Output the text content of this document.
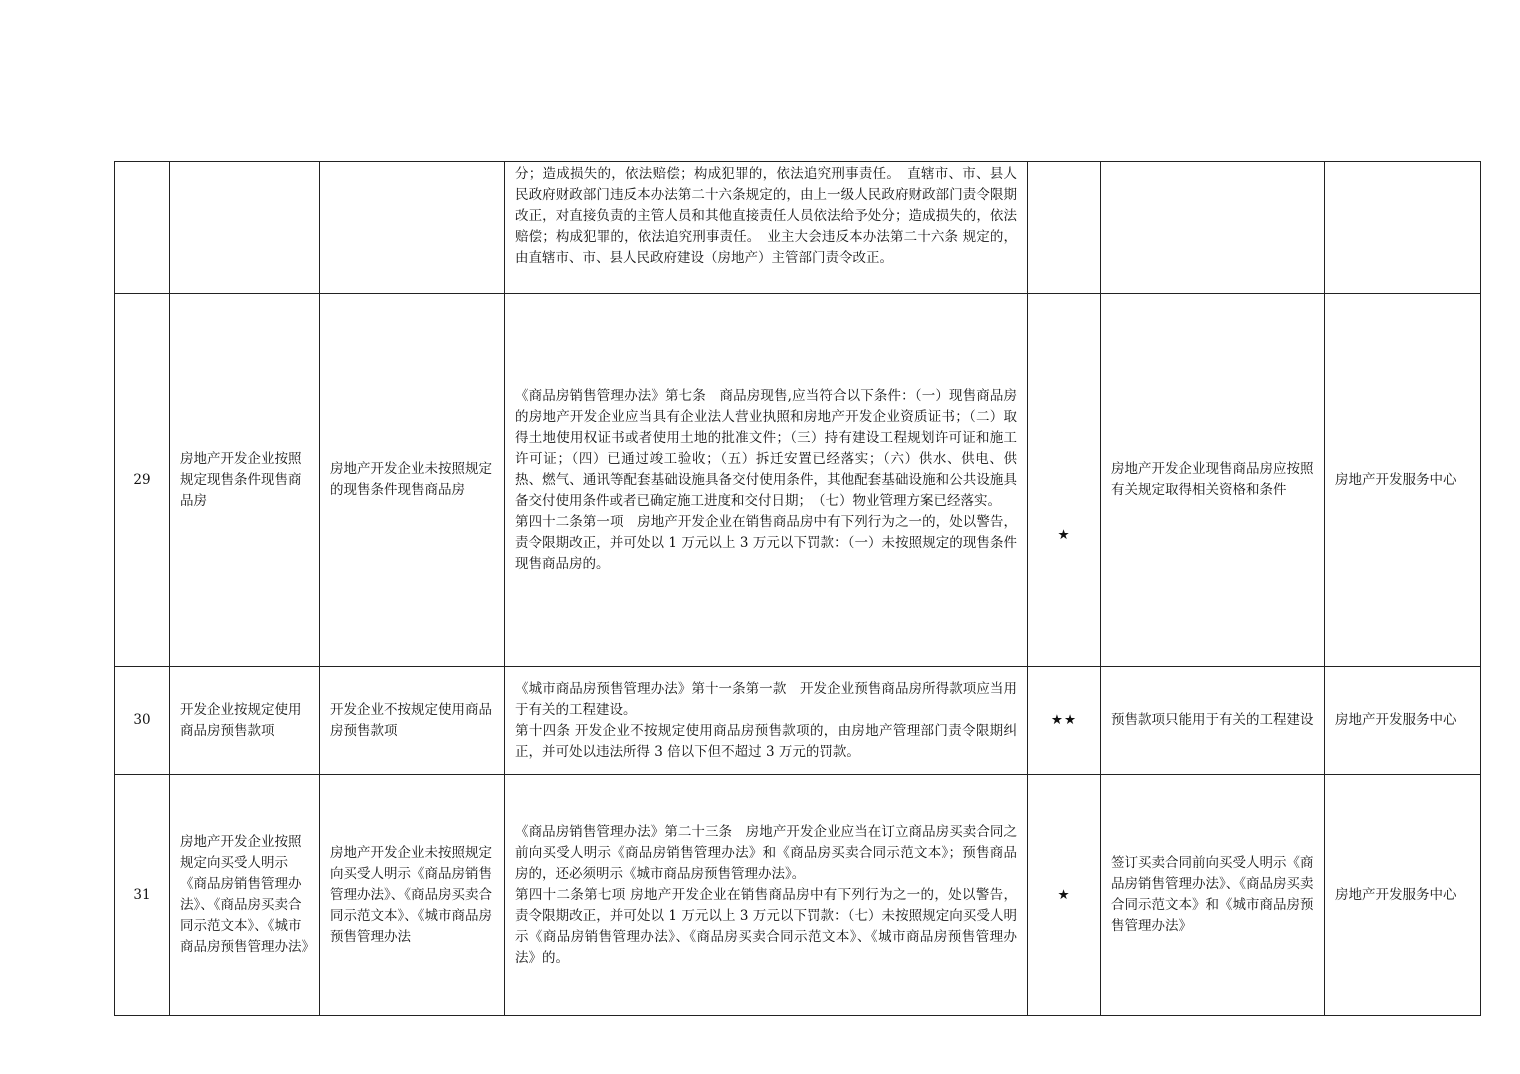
			分；造成损失的，依法赔偿；构成犯罪的，依法追究刑事责任。　直辖市、市、县人民政府财政部门违反本办法第二十六条规定的，由上一级人民政府财政部门责令限期改正，对直接负责的主管人员和其他直接责任人员依法给予处分；造成损失的，依法赔偿；构成犯罪的，依法追究刑事责任。　业主大会违反本办法第二十六条 规定的，由直辖市、市、县人民政府建设（房地产）主管部门责令改正。			

29	房地产开发企业按照规定现售条件现售商品房	房地产开发企业未按照规定的现售条件现售商品房	《商品房销售管理办法》第七条　商品房现售,应当符合以下条件：（一）现售商品房的房地产开发企业应当具有企业法人营业执照和房地产开发企业资质证书；（二）取得土地使用权证书或者使用土地的批准文件；（三）持有建设工程规划许可证和施工许可证；（四）已通过竣工验收；（五）拆迁安置已经落实；（六）供水、供电、供热、燃气、通讯等配套基础设施具备交付使用条件，其他配套基础设施和公共设施具备交付使用条件或者已确定施工进度和交付日期；　（七）物业管理方案已经落实。
第四十二条第一项　房地产开发企业在销售商品房中有下列行为之一的，处以警告，责令限期改正，并可处以 1 万元以上 3 万元以下罚款：（一）未按照规定的现售条件现售商品房的。	★	房地产开发企业现售商品房应按照有关规定取得相关资格和条件	房地产开发服务中心
30	开发企业按规定使用商品房预售款项	开发企业不按规定使用商品房预售款项	《城市商品房预售管理办法》第十一条第一款　开发企业预售商品房所得款项应当用于有关的工程建设。
第十四条 开发企业不按规定使用商品房预售款项的，由房地产管理部门责令限期纠正，并可处以违法所得 3 倍以下但不超过 3 万元的罚款。	★★	预售款项只能用于有关的工程建设	房地产开发服务中心
31	房地产开发企业按照规定向买受人明示《商品房销售管理办法》、《商品房买卖合同示范文本》、《城市商品房预售管理办法》	房地产开发企业未按照规定向买受人明示《商品房销售管理办法》、《商品房买卖合同示范文本》、《城市商品房预售管理办法	《商品房销售管理办法》第二十三条　房地产开发企业应当在订立商品房买卖合同之前向买受人明示《商品房销售管理办法》和《商品房买卖合同示范文本》；预售商品房的，还必须明示《城市商品房预售管理办法》。
第四十二条第七项 房地产开发企业在销售商品房中有下列行为之一的，处以警告，责令限期改正，并可处以 1 万元以上 3 万元以下罚款：（七）未按照规定向买受人明示《商品房销售管理办法》、《商品房买卖合同示范文本》、《城市商品房预售管理办法》的。	★	签订买卖合同前向买受人明示《商品房销售管理办法》、《商品房买卖合同示范文本》和《城市商品房预售管理办法》	房地产开发服务中心
